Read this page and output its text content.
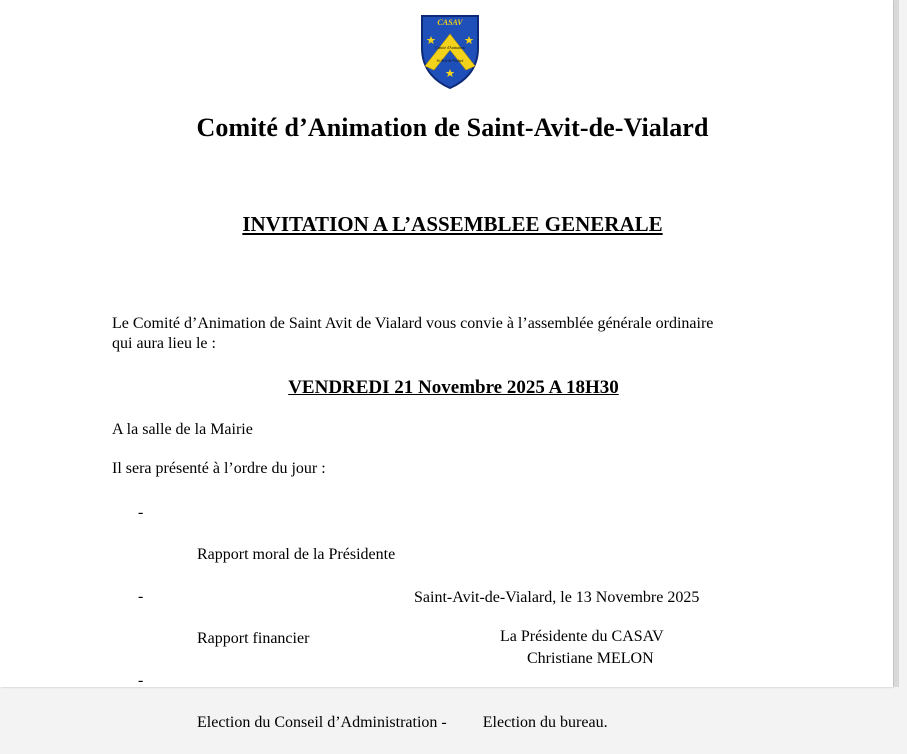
CASAV
Comité d'Animation
St-Avit-de-Vialard
Comité d’Animation de Saint-Avit-de-Vialard
INVITATION A L’ASSEMBLEE GENERALE
Le Comité d’Animation de Saint Avit de Vialard vous convie à l’assemblée générale ordinaire
qui aura lieu le :
VENDREDI 21 Novembre 2025 A 18H30
A la salle de la Mairie
Il sera présenté à l’ordre du jour :

-

Rapport moral de la Présidente

-

Rapport financier

-

Election du Conseil d’Administration -         Election du bureau.

Saint-Avit-de-Vialard, le 13 Novembre 2025
La Présidente du CASAV
Christiane MELON
